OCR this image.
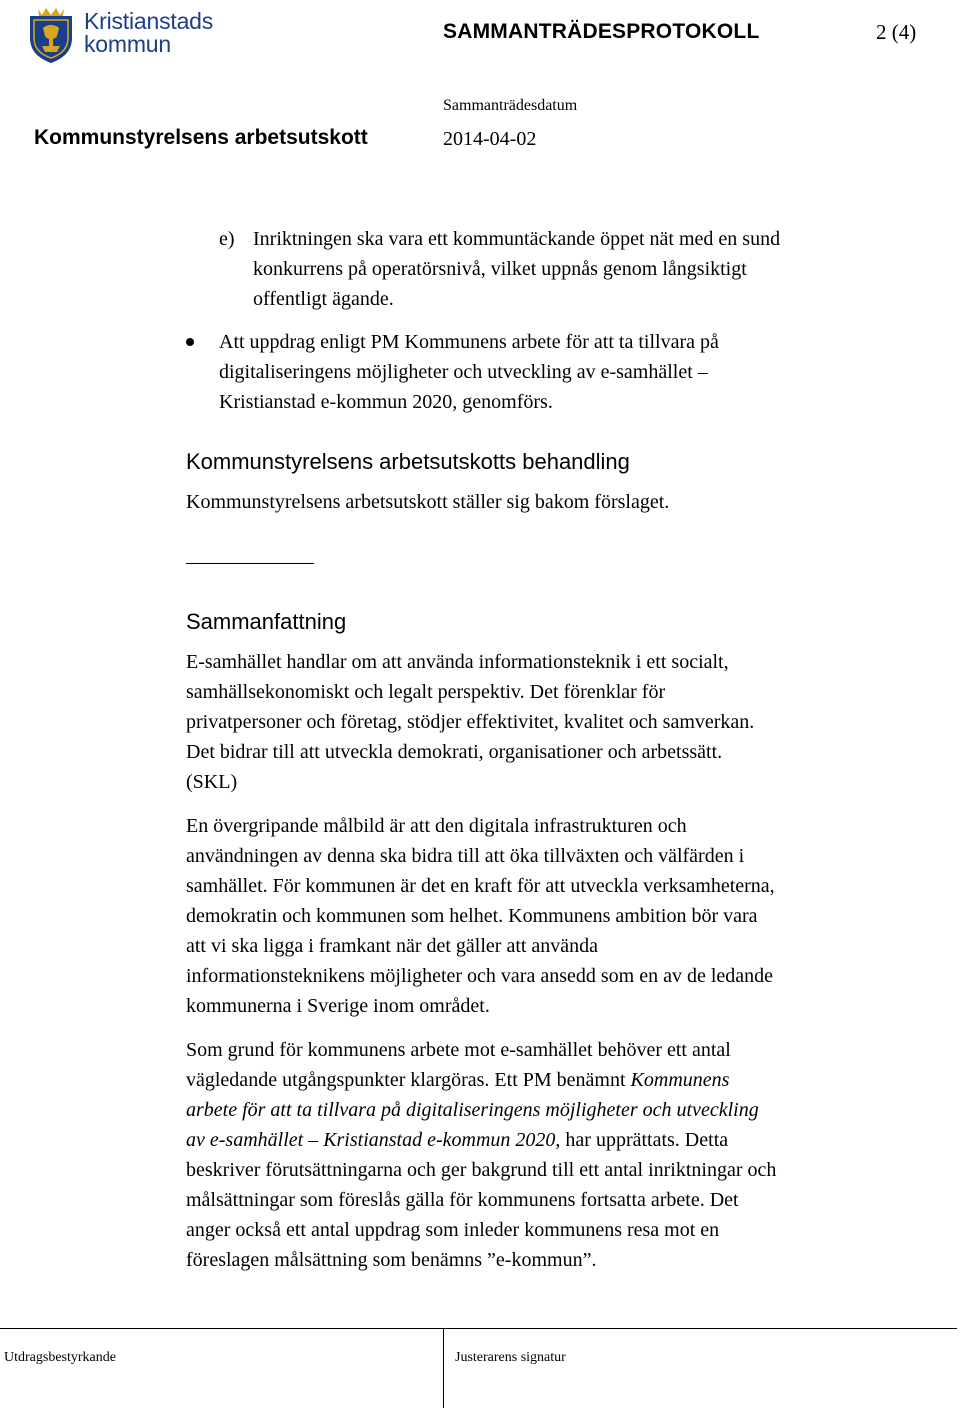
Kristianstads
kommun	SAMMANTRÄDESPROTOKOLL	2 (4)
Kommunstyrelsens arbetsutskott
Sammanträdesdatum
2014-04-02
e) Inriktningen ska vara ett kommuntäckande öppet nät med en sund
konkurrens på operatörsnivå, vilket uppnås genom långsiktigt
offentligt ägande.
Att uppdrag enligt PM Kommunens arbete för att ta tillvara på
digitaliseringens möjligheter och utveckling av e-samhället –
Kristianstad e-kommun 2020, genomförs.
Kommunstyrelsens arbetsutskotts behandling
Kommunstyrelsens arbetsutskott ställer sig bakom förslaget.
Sammanfattning
E-samhället handlar om att använda informationsteknik i ett socialt,
samhällsekonomiskt och legalt perspektiv. Det förenklar för
privatpersoner och företag, stödjer effektivitet, kvalitet och samverkan.
Det bidrar till att utveckla demokrati, organisationer och arbetssätt.
(SKL)
En övergripande målbild är att den digitala infrastrukturen och
användningen av denna ska bidra till att öka tillväxten och välfärden i
samhället. För kommunen är det en kraft för att utveckla verksamheterna,
demokratin och kommunen som helhet. Kommunens ambition bör vara
att vi ska ligga i framkant när det gäller att använda
informationsteknikens möjligheter och vara ansedd som en av de ledande
kommunerna i Sverige inom området.
Som grund för kommunens arbete mot e-samhället behöver ett antal
vägledande utgångspunkter klargöras. Ett PM benämnt Kommunens
arbete för att ta tillvara på digitaliseringens möjligheter och utveckling
av e-samhället – Kristianstad e-kommun 2020, har upprättats. Detta
beskriver förutsättningarna och ger bakgrund till ett antal inriktningar och
målsättningar som föreslås gälla för kommunens fortsatta arbete. Det
anger också ett antal uppdrag som inleder kommunens resa mot en
föreslagen målsättning som benämns ”e-kommun”.
Utdragsbestyrkande	Justerarens signatur
